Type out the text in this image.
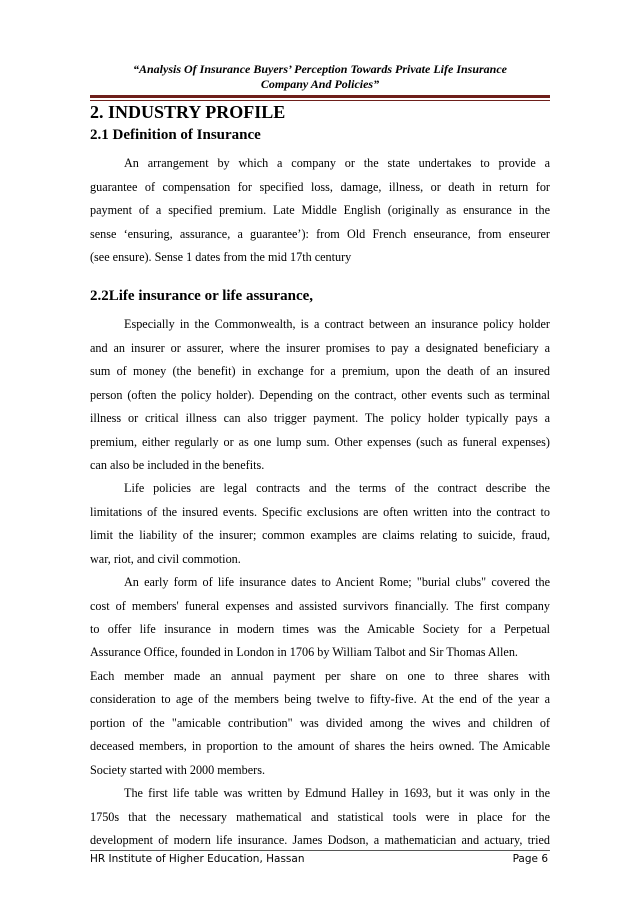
“Analysis Of Insurance Buyers’ Perception Towards Private Life Insurance
Company And Policies”
2. INDUSTRY PROFILE
2.1 Definition of Insurance
An arrangement by which a company or the state undertakes to provide a
guarantee of compensation for specified loss, damage, illness, or death in return for
payment of a specified premium. Late Middle English (originally as ensurance in the
sense ‘ensuring, assurance, a guarantee’): from Old French enseurance, from enseurer
(see ensure). Sense 1 dates from the mid 17th century
2.2Life insurance or life assurance,
Especially in the Commonwealth, is a contract between an insurance policy holder
and an insurer or assurer, where the insurer promises to pay a designated beneficiary a
sum of money (the benefit) in exchange for a premium, upon the death of an insured
person (often the policy holder). Depending on the contract, other events such as terminal
illness or critical illness can also trigger payment. The policy holder typically pays a
premium, either regularly or as one lump sum. Other expenses (such as funeral expenses)
can also be included in the benefits.
Life policies are legal contracts and the terms of the contract describe the
limitations of the insured events. Specific exclusions are often written into the contract to
limit the liability of the insurer; common examples are claims relating to suicide, fraud,
war, riot, and civil commotion.
An early form of life insurance dates to Ancient Rome; "burial clubs" covered the
cost of members' funeral expenses and assisted survivors financially. The first company
to offer life insurance in modern times was the Amicable Society for a Perpetual
Assurance Office, founded in London in 1706 by William Talbot and Sir Thomas Allen.
Each member made an annual payment per share on one to three shares with
consideration to age of the members being twelve to fifty-five. At the end of the year a
portion of the "amicable contribution" was divided among the wives and children of
deceased members, in proportion to the amount of shares the heirs owned. The Amicable
Society started with 2000 members.
The first life table was written by Edmund Halley in 1693, but it was only in the
1750s that the necessary mathematical and statistical tools were in place for the
development of modern life insurance. James Dodson, a mathematician and actuary, tried
HR Institute of Higher Education, Hassan	Page 6
